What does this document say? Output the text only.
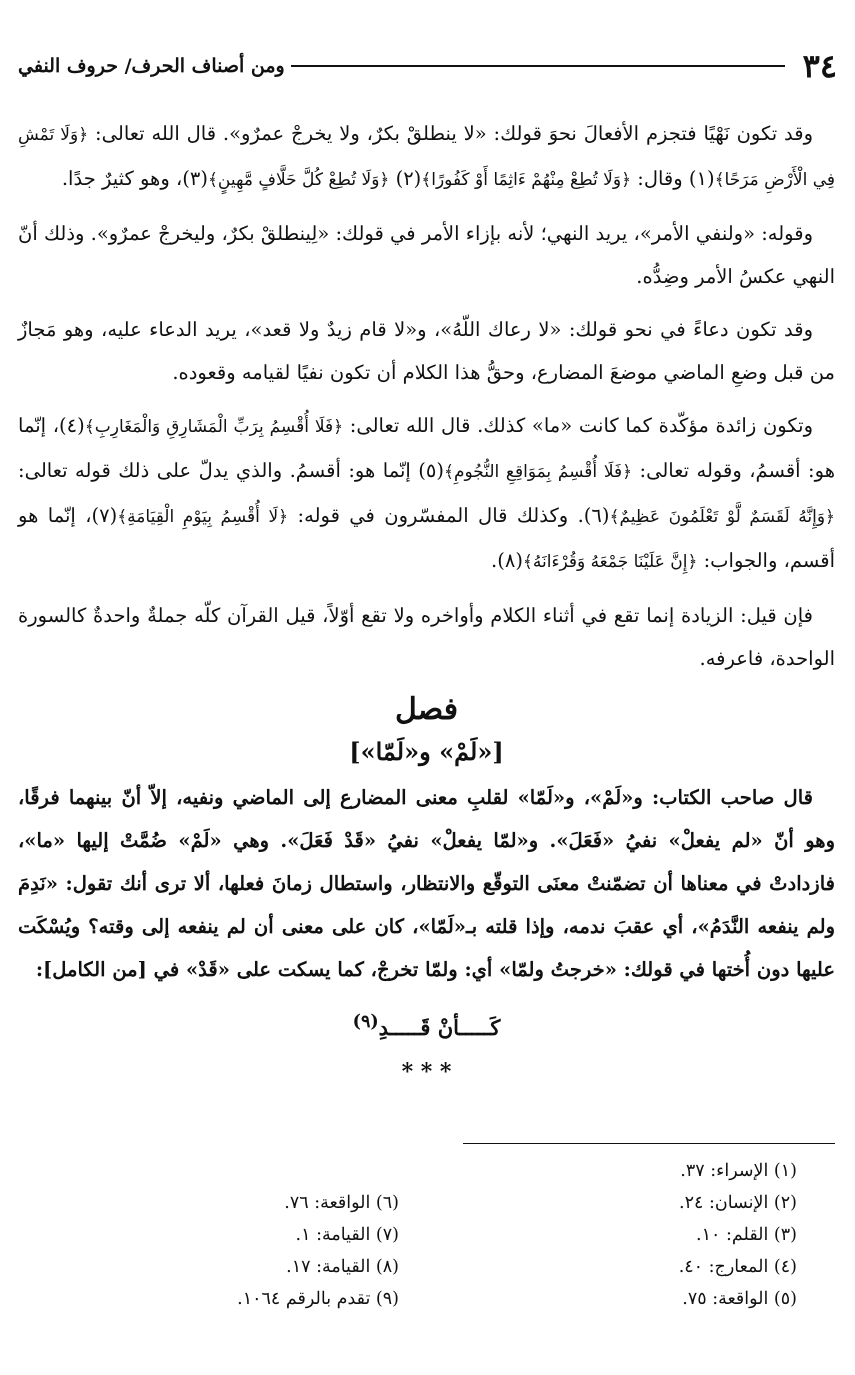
٣٤
ومن أصناف الحرف/ حروف النفي

وقد تكون نَهْيًا فتجزم الأفعالَ نحوَ قولك: «لا ينطلقْ بكرٌ، ولا يخرجْ عمرٌو». قال الله تعالى: ﴿وَلَا تَمْشِ فِي الْأَرْضِ مَرَحًا﴾(١) وقال: ﴿وَلَا تُطِعْ مِنْهُمْ ءَاثِمًا أَوْ كَفُورًا﴾(٢) ﴿وَلَا تُطِعْ كُلَّ حَلَّافٍ مَّهِينٍ﴾(٣)، وهو كثيرٌ جدًا.

وقوله: «ولنفي الأمر»، يريد النهي؛ لأنه بإزاء الأمر في قولك: «لِينطلقْ بكرٌ، وليخرجْ عمرٌو». وذلك أنّ النهي عكسُ الأمر وضِدُّه.

وقد تكون دعاءً في نحو قولك: «لا رعاك اللّهُ»، و«لا قام زيدٌ ولا قعد»، يريد الدعاء عليه، وهو مَجازٌ من قبل وضعِ الماضي موضعَ المضارع، وحقُّ هذا الكلام أن تكون نفيًا لقيامه وقعوده.

وتكون زائدة مؤكّدة كما كانت «ما» كذلك. قال الله تعالى: ﴿فَلَا أُقْسِمُ بِرَبِّ الْمَشَارِقِ وَالْمَغَارِبِ﴾(٤)، إنّما هو: أقسمُ، وقوله تعالى: ﴿فَلَا أُقْسِمُ بِمَوَاقِعِ النُّجُومِ﴾(٥) إنّما هو: أقسمُ. والذي يدلّ على ذلك قوله تعالى: ﴿وَإِنَّهُ لَقَسَمٌ لَّوْ تَعْلَمُونَ عَظِيمٌ﴾(٦). وكذلك قال المفسّرون في قوله: ﴿لَا أُقْسِمُ بِيَوْمِ الْقِيَامَةِ﴾(٧)، إنّما هو أقسم، والجواب: ﴿إِنَّ عَلَيْنَا جَمْعَهُ وَقُرْءَانَهُ﴾(٨).

فإن قيل: الزيادة إنما تقع في أثناء الكلام وأواخره ولا تقع أوّلاً، قيل القرآن كلّه جملةٌ واحدةٌ كالسورة الواحدة، فاعرفه.

فصل
[«لَمْ» و«لَمّا»]

قال صاحب الكتاب: و«لَمْ»، و«لَمّا» لقلبِ معنى المضارع إلى الماضي ونفيه، إلاّ أنّ بينهما فرقًا، وهو أنّ «لم يفعلْ» نفيُ «فَعَلَ». و«لمّا يفعلْ» نفيُ «قَدْ فَعَلَ». وهي «لَمْ» ضُمَّتْ إليها «ما»، فازدادتْ في معناها أن تضمّنتْ معنَى التوقّع والانتظار، واستطال زمانَ فعلها، ألا ترى أنك تقول: «نَدِمَ ولم ينفعه النَّدَمُ»، أي عقبَ ندمه، وإذا قلته بـ«لَمّا»، كان على معنى أن لم ينفعه إلى وقته؟ ويُسْكَت عليها دون أُختها في قولك: «خرجتُ ولمّا» أي: ولمّا تخرجْ، كما يسكت على «قَدْ» في [من الكامل]:

كَـــــأنْ قَـــــدِ$^{(٩)}$
* * *
(١) الإسراء: ٣٧.
(٢) الإنسان: ٢٤.
(٦) الواقعة: ٧٦.
(٣) القلم: ١٠.
(٧) القيامة: ١.
(٤) المعارج: ٤٠.
(٨) القيامة: ١٧.
(٥) الواقعة: ٧٥.
(٩) تقدم بالرقم ١٠٦٤.
